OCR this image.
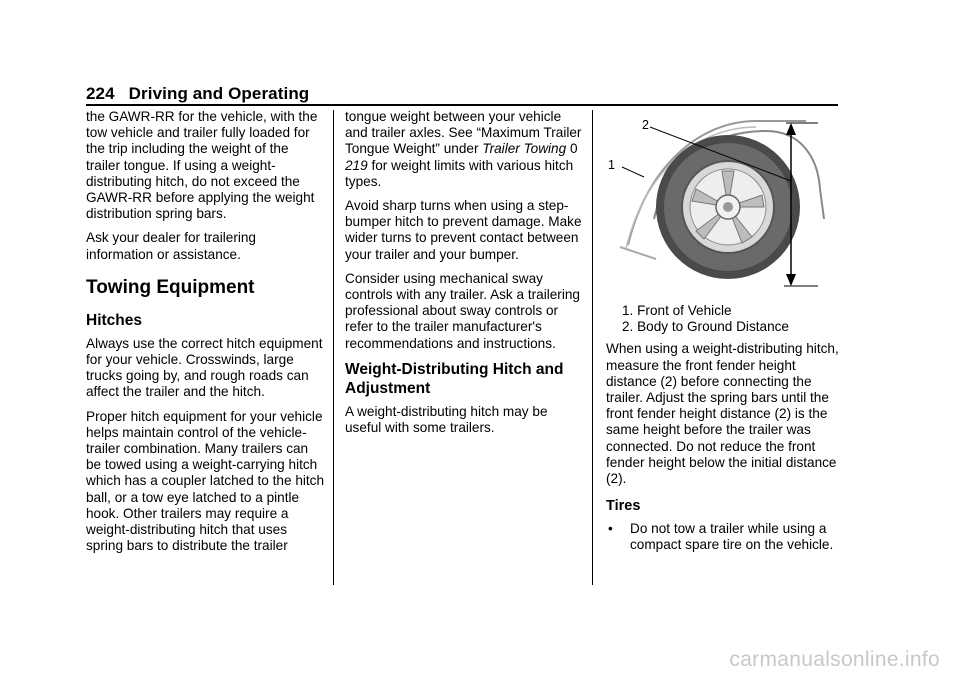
224 Driving and Operating

the GAWR-RR for the vehicle, with the tow vehicle and trailer fully loaded for the trip including the weight of the trailer tongue. If using a weight-distributing hitch, do not exceed the GAWR-RR before applying the weight distribution spring bars.

Ask your dealer for trailering information or assistance.

Towing Equipment
Hitches

Always use the correct hitch equipment for your vehicle. Crosswinds, large trucks going by, and rough roads can affect the trailer and the hitch.

Proper hitch equipment for your vehicle helps maintain control of the vehicle-trailer combination. Many trailers can be towed using a weight-carrying hitch which has a coupler latched to the hitch ball, or a tow eye latched to a pintle hook. Other trailers may require a weight-distributing hitch that uses spring bars to distribute the trailer

tongue weight between your vehicle and trailer axles. See “Maximum Trailer Tongue Weight” under Trailer Towing 0 219 for weight limits with various hitch types.

Avoid sharp turns when using a step-bumper hitch to prevent damage. Make wider turns to prevent contact between your trailer and your bumper.

Consider using mechanical sway controls with any trailer. Ask a trailering professional about sway controls or refer to the trailer manufacturer's recommendations and instructions.

Weight-Distributing Hitch and Adjustment

A weight-distributing hitch may be useful with some trailers.

2
1
1. Front of Vehicle
2. Body to Ground Distance

When using a weight-distributing hitch, measure the front fender height distance (2) before connecting the trailer. Adjust the spring bars until the front fender height distance (2) is the same height before the trailer was connected. Do not reduce the front fender height below the initial distance (2).

Tires
• Do not tow a trailer while using a compact spare tire on the vehicle.
carmanualsonline.info
